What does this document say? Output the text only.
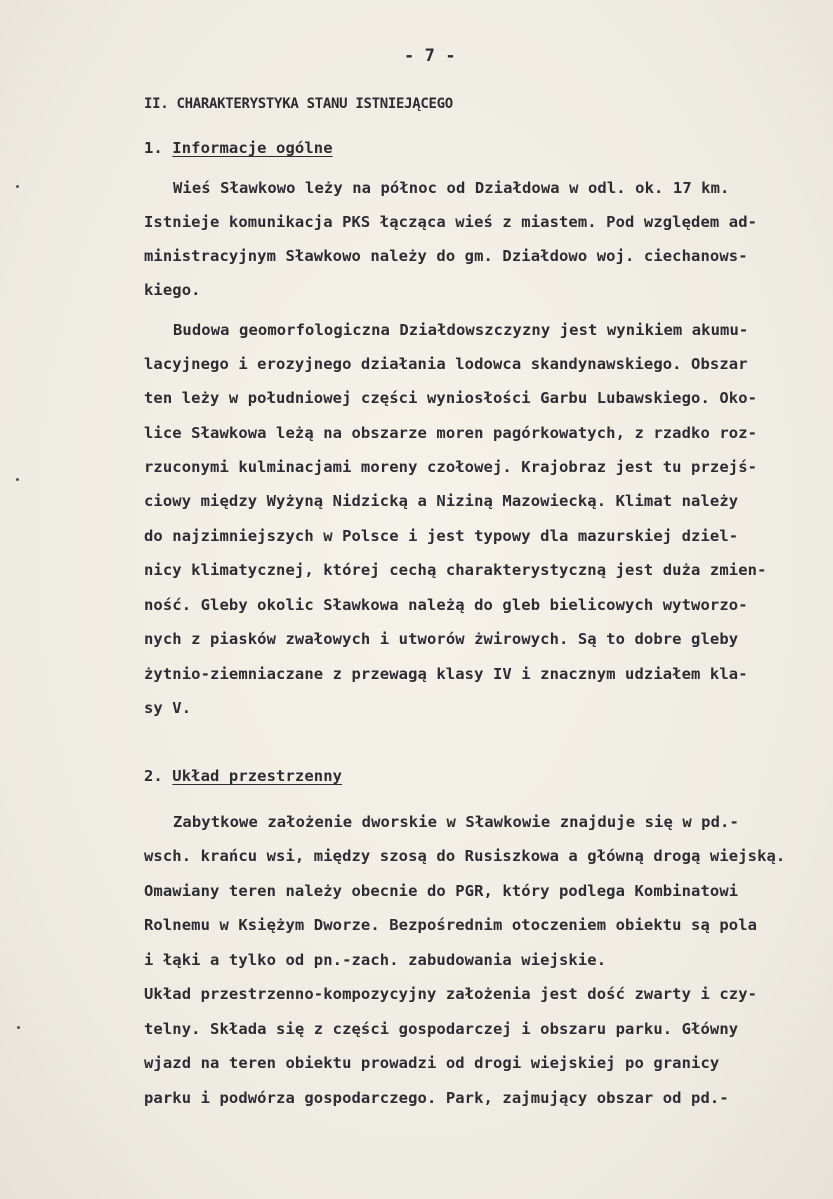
- 7 -
II. CHARAKTERYSTYKA STANU ISTNIEJĄCEGO
1. Informacje ogólne
Wieś Sławkowo leży na północ od Działdowa w odl. ok. 17 km.
Istnieje komunikacja PKS łącząca wieś z miastem. Pod względem ad-
ministracyjnym Sławkowo należy do gm. Działdowo woj. ciechanows-
kiego.
Budowa geomorfologiczna Działdowszczyzny jest wynikiem akumu-
lacyjnego i erozyjnego działania lodowca skandynawskiego. Obszar
ten leży w południowej części wyniosłości Garbu Lubawskiego. Oko-
lice Sławkowa leżą na obszarze moren pagórkowatych, z rzadko roz-
rzuconymi kulminacjami moreny czołowej. Krajobraz jest tu przejś-
ciowy między Wyżyną Nidzicką a Niziną Mazowiecką. Klimat należy
do najzimniejszych w Polsce i jest typowy dla mazurskiej dziel-
nicy klimatycznej, której cechą charakterystyczną jest duża zmien-
ność. Gleby okolic Sławkowa należą do gleb bielicowych wytworzo-
nych z piasków zwałowych i utworów żwirowych. Są to dobre gleby
żytnio-ziemniaczane z przewagą klasy IV i znacznym udziałem kla-
sy V.
2. Układ przestrzenny
Zabytkowe założenie dworskie w Sławkowie znajduje się w pd.-
wsch. krańcu wsi, między szosą do Rusiszkowa a główną drogą wiejską.
Omawiany teren należy obecnie do PGR, który podlega Kombinatowi
Rolnemu w Księżym Dworze. Bezpośrednim otoczeniem obiektu są pola
i łąki a tylko od pn.-zach. zabudowania wiejskie.
Układ przestrzenno-kompozycyjny założenia jest dość zwarty i czy-
telny. Składa się z części gospodarczej i obszaru parku. Główny
wjazd na teren obiektu prowadzi od drogi wiejskiej po granicy
parku i podwórza gospodarczego. Park, zajmujący obszar od pd.-
